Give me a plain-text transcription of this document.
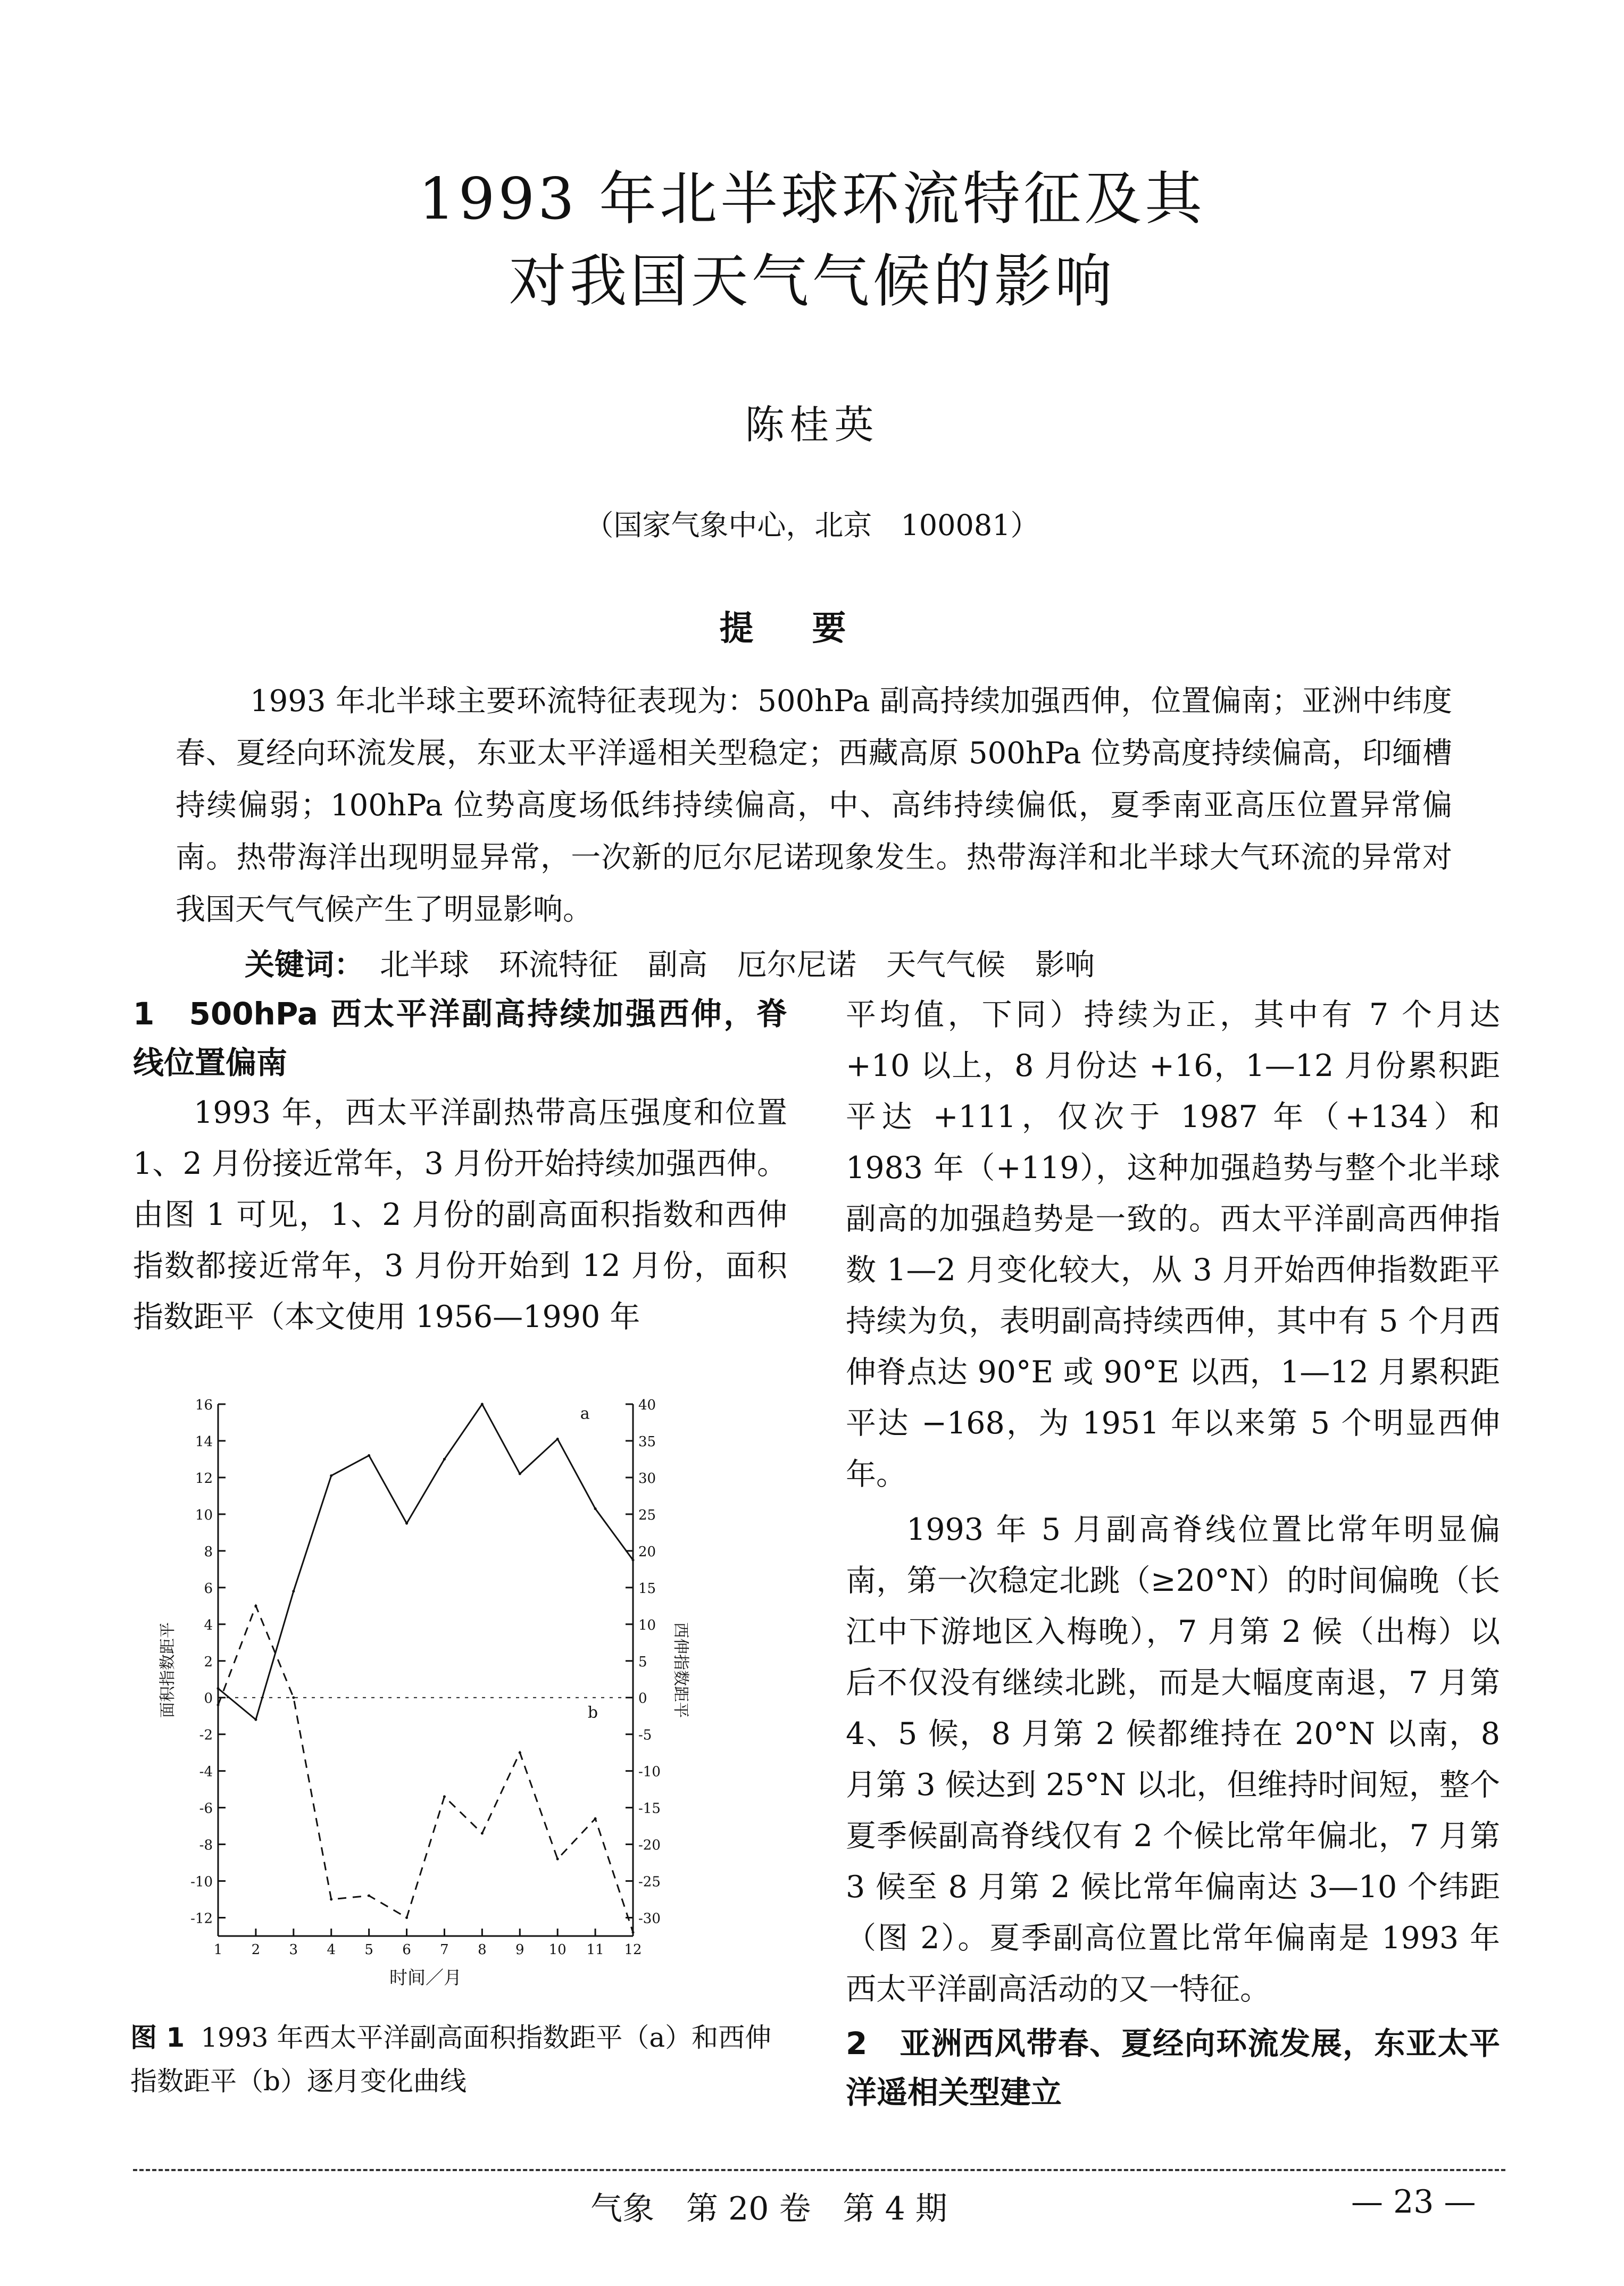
1993 年北半球环流特征及其
对我国天气气候的影响
陈桂英
（国家气象中心，北京　100081）
提要
1993 年北半球主要环流特征表现为：500hPa 副高持续加强西伸，位置偏南；亚洲中纬度春、夏经向环流发展，东亚太平洋遥相关型稳定；西藏高原 500hPa 位势高度持续偏高，印缅槽持续偏弱；100hPa 位势高度场低纬持续偏高，中、高纬持续偏低，夏季南亚高压位置异常偏南。热带海洋出现明显异常，一次新的厄尔尼诺现象发生。热带海洋和北半球大气环流的异常对我国天气气候产生了明显影响。
关键词： 北半球　环流特征　副高　厄尔尼诺　天气气候　影响
1　500hPa 西太平洋副高持续加强西伸，脊线位置偏南
1993 年，西太平洋副热带高压强度和位置 1、2 月份接近常年，3 月份开始持续加强西伸。由图 1 可见，1、2 月份的副高面积指数和西伸指数都接近常年，3 月份开始到 12 月份，面积指数距平（本文使用 1956—1990 年
-12
-10
-8
-6
-4
-2
0
2
4
6
8
10
12
14
16
-30
-25
-20
-15
-10
-5
0
5
10
15
20
25
30
35
40
1 2 3 4 5 6 7 8 9 10 11 12
时间／月
面积指数距平	西伸指数距平
a
b
图 1 1993 年西太平洋副高面积指数距平（a）和西伸指数距平（b）逐月变化曲线
平均值，下同）持续为正，其中有 7 个月达 +10 以上，8 月份达 +16，1—12 月份累积距平达 +111，仅次于 1987 年（+134）和 1983 年（+119），这种加强趋势与整个北半球副高的加强趋势是一致的。西太平洋副高西伸指数 1—2 月变化较大，从 3 月开始西伸指数距平持续为负，表明副高持续西伸，其中有 5 个月西伸脊点达 90°E 或 90°E 以西，1—12 月累积距平达 −168，为 1951 年以来第 5 个明显西伸年。
1993 年 5 月副高脊线位置比常年明显偏南，第一次稳定北跳（≥20°N）的时间偏晚（长江中下游地区入梅晚），7 月第 2 候（出梅）以后不仅没有继续北跳，而是大幅度南退，7 月第 4、5 候，8 月第 2 候都维持在 20°N 以南，8 月第 3 候达到 25°N 以北，但维持时间短，整个夏季候副高脊线仅有 2 个候比常年偏北，7 月第 3 候至 8 月第 2 候比常年偏南达 3—10 个纬距（图 2）。夏季副高位置比常年偏南是 1993 年西太平洋副高活动的又一特征。
2　亚洲西风带春、夏经向环流发展，东亚太平洋遥相关型建立
气象　第 20 卷　第 4 期	— 23 —
